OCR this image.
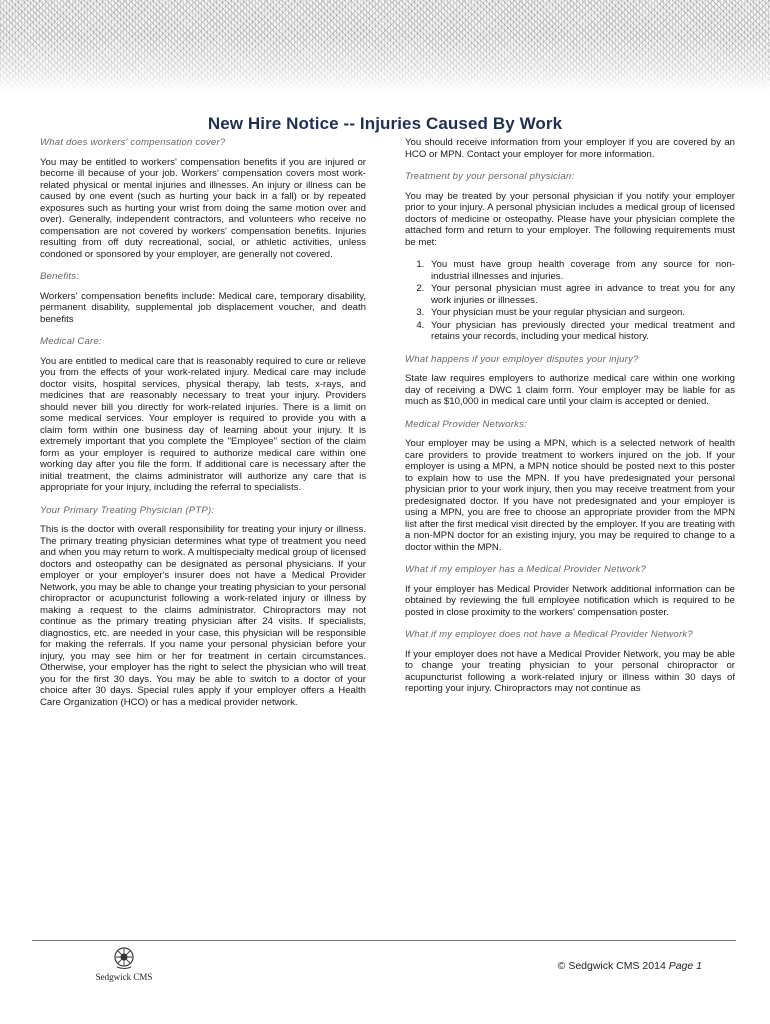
New Hire Notice -- Injuries Caused By Work
What does workers' compensation cover?

You may be entitled to workers' compensation benefits if you are injured or become ill because of your job. Workers' compensation covers most work-related physical or mental injuries and illnesses. An injury or illness can be caused by one event (such as hurting your back in a fall) or by repeated exposures such as hurting your wrist from doing the same motion over and over). Generally, independent contractors, and volunteers who receive no compensation are not covered by workers' compensation benefits. Injuries resulting from off duty recreational, social, or athletic activities, unless condoned or sponsored by your employer, are generally not covered.

Benefits:

Workers' compensation benefits include: Medical care, temporary disability, permanent disability, supplemental job displacement voucher, and death benefits

Medical Care:

You are entitled to medical care that is reasonably required to cure or relieve you from the effects of your work-related injury. Medical care may include doctor visits, hospital services, physical therapy, lab tests, x-rays, and medicines that are reasonably necessary to treat your injury. Providers should never bill you directly for work-related injuries. There is a limit on some medical services. Your employer is required to provide you with a claim form within one business day of learning about your injury. It is extremely important that you complete the "Employee" section of the claim form as your employer is required to authorize medical care within one working day after you file the form. If additional care is necessary after the initial treatment, the claims administrator will authorize any care that is appropriate for your injury, including the referral to specialists.

Your Primary Treating Physician (PTP):

This is the doctor with overall responsibility for treating your injury or illness. The primary treating physician determines what type of treatment you need and when you may return to work. A multispecialty medical group of licensed doctors and osteopathy can be designated as personal physicians. If your employer or your employer's insurer does not have a Medical Provider Network, you may be able to change your treating physician to your personal chiropractor or acupuncturist following a work-related injury or illness by making a request to the claims administrator. Chiropractors may not continue as the primary treating physician after 24 visits. If specialists, diagnostics, etc. are needed in your case, this physician will be responsible for making the referrals. If you name your personal physician before your injury, you may see him or her for treatment in certain circumstances. Otherwise, your employer has the right to select the physician who will treat you for the first 30 days. You may be able to switch to a doctor of your choice after 30 days. Special rules apply if your employer offers a Health Care Organization (HCO) or has a medical provider network.

You should receive information from your employer if you are covered by an HCO or MPN. Contact your employer for more information.

Treatment by your personal physician:

You may be treated by your personal physician if you notify your employer prior to your injury. A personal physician includes a medical group of licensed doctors of medicine or osteopathy. Please have your physician complete the attached form and return to your employer. The following requirements must be met:

1. You must have group health coverage from any source for non-industrial illnesses and injuries.
2. Your personal physician must agree in advance to treat you for any work injuries or illnesses.
3. Your physician must be your regular physician and surgeon.
4. Your physician has previously directed your medical treatment and retains your records, including your medical history.
What happens if your employer disputes your injury?

State law requires employers to authorize medical care within one working day of receiving a DWC 1 claim form. Your employer may be liable for as much as $10,000 in medical care until your claim is accepted or denied.

Medical Provider Networks:

Your employer may be using a MPN, which is a selected network of health care providers to provide treatment to workers injured on the job. If your employer is using a MPN, a MPN notice should be posted next to this poster to explain how to use the MPN. If you have predesignated your personal physician prior to your work injury, then you may receive treatment from your predesignated doctor. If you have not predesignated and your employer is using a MPN, you are free to choose an appropriate provider from the MPN list after the first medical visit directed by the employer. If you are treating with a non-MPN doctor for an existing injury, you may be required to change to a doctor within the MPN.

What if my employer has a Medical Provider Network?

If your employer has Medical Provider Network additional information can be obtained by reviewing the full employee notification which is required to be posted in close proximity to the workers' compensation poster.

What if my employer does not have a Medical Provider Network?

If your employer does not have a Medical Provider Network, you may be able to change your treating physician to your personal chiropractor or acupuncturist following a work-related injury or illness within 30 days of reporting your injury. Chiropractors may not continue as

Sedgwick CMS
© Sedgwick CMS 2014 Page 1
